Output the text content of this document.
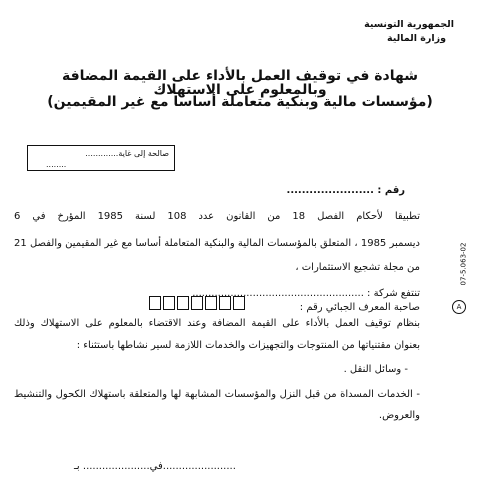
الجمهورية التونسية
وزارة المالية
شهادة في توقيف العمل بالأداء على القيمة المضافة
وبالمعلوم على الاستهلاك
(مؤسسات مالية وبنكية متعاملة أساسا مع غير المقيمين)
صالحة إلى غاية.............
........
رقم : .......................
تطبيقا لأحكام الفصل 18 من القانون عدد 108 لسنة 1985 المؤرخ في 6
ديسمبر 1985 ، المتعلق بالمؤسسات المالية والبنكية المتعاملة أساسا مع غير المقيمين والفصل 21
من مجلة تشجيع الاستثمارات ،
تنتفع شركة : ......................................................
صاحبة المعرف الجبائي رقم :
بنظام توقيف العمل بالأداء على القيمة المضافة وعند الاقتضاء بالمعلوم على الاستهلاك وذلك
بعنوان مقتنياتها من المنتوجات والتجهيزات والخدمات اللازمة لسير نشاطها باستثناء :
- وسائل النقل .
- الخدمات المسداة من قبل النزل والمؤسسات المشابهة لها والمتعلقة باستهلاك الكحول والتنشيط
والعروض.
.......................في..................... بـ
07-5.063-02
A
